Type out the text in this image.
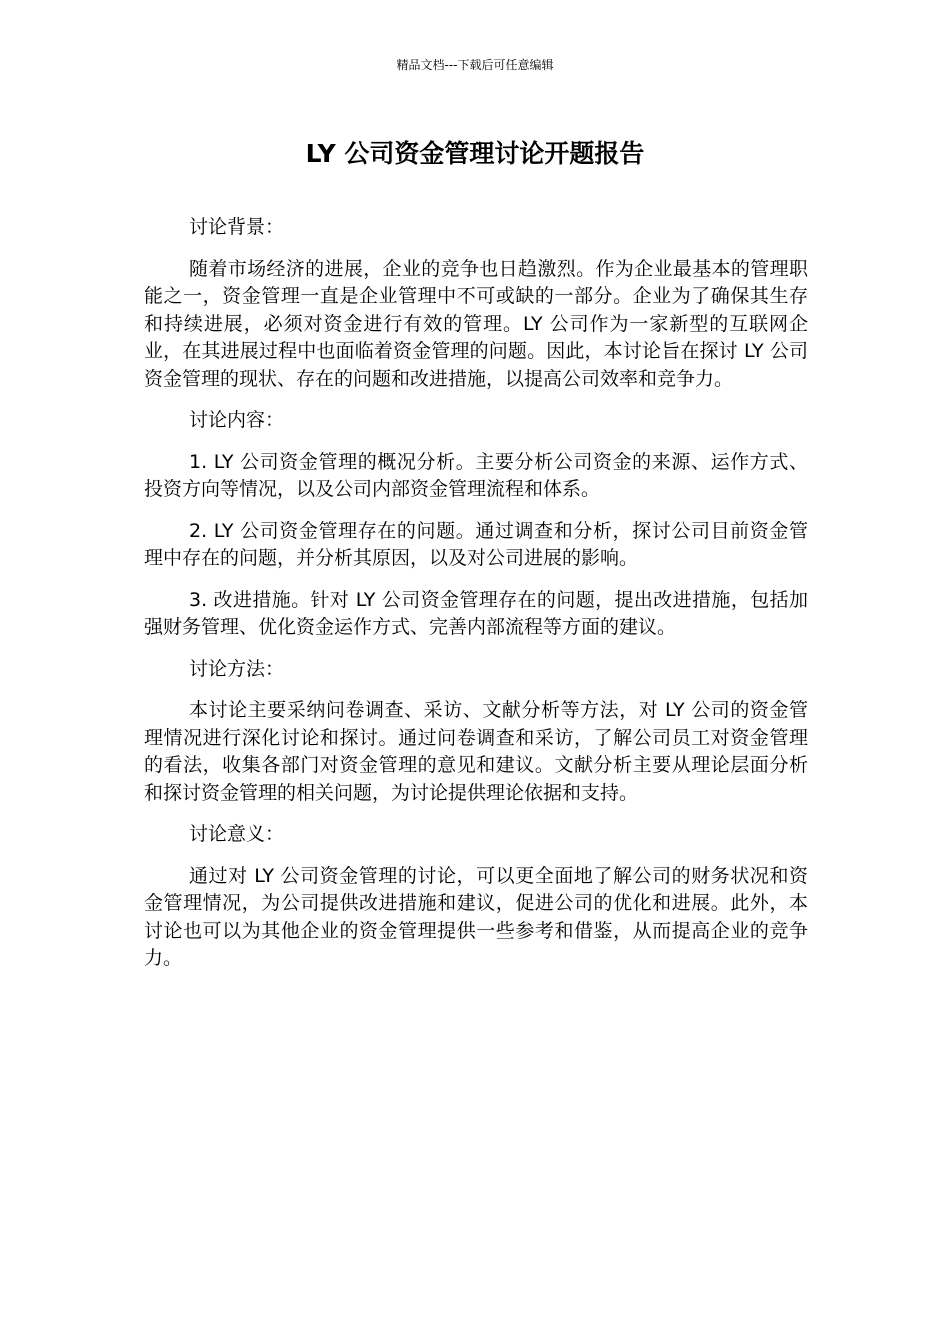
精品文档---下载后可任意编辑
LY 公司资金管理讨论开题报告

讨论背景：

随着市场经济的进展，企业的竞争也日趋激烈。作为企业最基本的管理职能之一，资金管理一直是企业管理中不可或缺的一部分。企业为了确保其生存和持续进展，必须对资金进行有效的管理。LY 公司作为一家新型的互联网企业，在其进展过程中也面临着资金管理的问题。因此，本讨论旨在探讨 LY 公司资金管理的现状、存在的问题和改进措施，以提高公司效率和竞争力。

讨论内容：

1. LY 公司资金管理的概况分析。主要分析公司资金的来源、运作方式、投资方向等情况，以及公司内部资金管理流程和体系。

2. LY 公司资金管理存在的问题。通过调查和分析，探讨公司目前资金管理中存在的问题，并分析其原因，以及对公司进展的影响。

3. 改进措施。针对 LY 公司资金管理存在的问题，提出改进措施，包括加强财务管理、优化资金运作方式、完善内部流程等方面的建议。

讨论方法：

本讨论主要采纳问卷调查、采访、文献分析等方法，对 LY 公司的资金管理情况进行深化讨论和探讨。通过问卷调查和采访，了解公司员工对资金管理的看法，收集各部门对资金管理的意见和建议。文献分析主要从理论层面分析和探讨资金管理的相关问题，为讨论提供理论依据和支持。

讨论意义：

通过对 LY 公司资金管理的讨论，可以更全面地了解公司的财务状况和资金管理情况，为公司提供改进措施和建议，促进公司的优化和进展。此外，本讨论也可以为其他企业的资金管理提供一些参考和借鉴，从而提高企业的竞争力。
